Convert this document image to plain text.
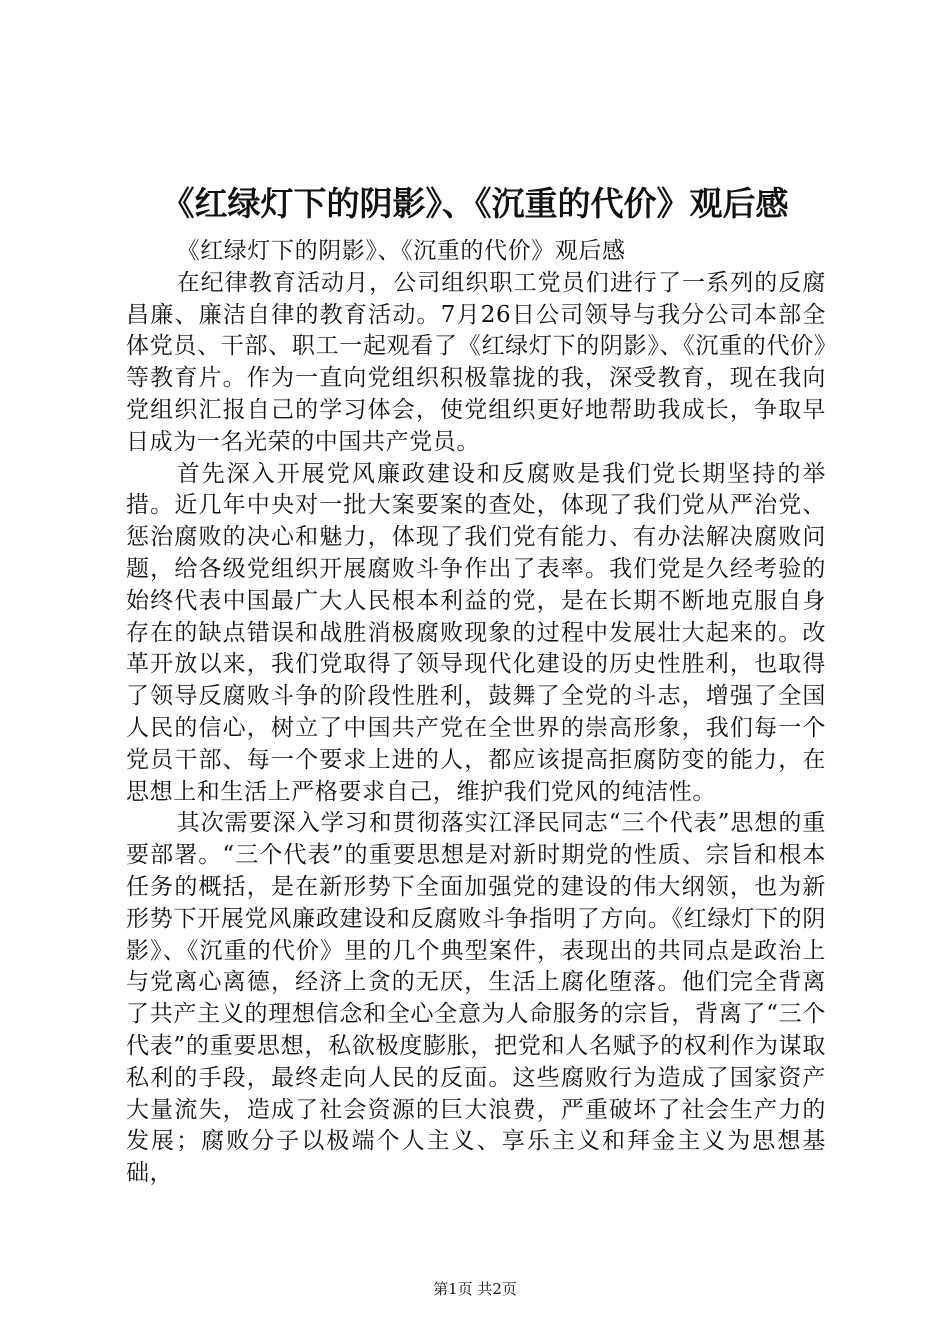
《红绿灯下的阴影》、《沉重的代价》观后感

《红绿灯下的阴影》、《沉重的代价》观后感

在纪律教育活动月，公司组织职工党员们进行了一系列的反腐昌廉、廉洁自律的教育活动。7月26日公司领导与我分公司本部全体党员、干部、职工一起观看了《红绿灯下的阴影》、《沉重的代价》等教育片。作为一直向党组织积极靠拢的我，深受教育，现在我向党组织汇报自己的学习体会，使党组织更好地帮助我成长，争取早日成为一名光荣的中国共产党员。

首先深入开展党风廉政建设和反腐败是我们党长期坚持的举措。近几年中央对一批大案要案的查处，体现了我们党从严治党、惩治腐败的决心和魅力，体现了我们党有能力、有办法解决腐败问题，给各级党组织开展腐败斗争作出了表率。我们党是久经考验的始终代表中国最广大人民根本利益的党，是在长期不断地克服自身存在的缺点错误和战胜消极腐败现象的过程中发展壮大起来的。改革开放以来，我们党取得了领导现代化建设的历史性胜利，也取得了领导反腐败斗争的阶段性胜利，鼓舞了全党的斗志，增强了全国人民的信心，树立了中国共产党在全世界的崇高形象，我们每一个党员干部、每一个要求上进的人，都应该提高拒腐防变的能力，在思想上和生活上严格要求自己，维护我们党风的纯洁性。

其次需要深入学习和贯彻落实江泽民同志“三个代表”思想的重要部署。“三个代表”的重要思想是对新时期党的性质、宗旨和根本任务的概括，是在新形势下全面加强党的建设的伟大纲领，也为新形势下开展党风廉政建设和反腐败斗争指明了方向。《红绿灯下的阴影》、《沉重的代价》里的几个典型案件，表现出的共同点是政治上与党离心离德，经济上贪的无厌，生活上腐化堕落。他们完全背离了共产主义的理想信念和全心全意为人命服务的宗旨，背离了“三个代表”的重要思想，私欲极度膨胀，把党和人名赋予的权利作为谋取私利的手段，最终走向人民的反面。这些腐败行为造成了国家资产大量流失，造成了社会资源的巨大浪费，严重破坏了社会生产力的发展；腐败分子以极端个人主义、享乐主义和拜金主义为思想基础，

第1页 共2页
